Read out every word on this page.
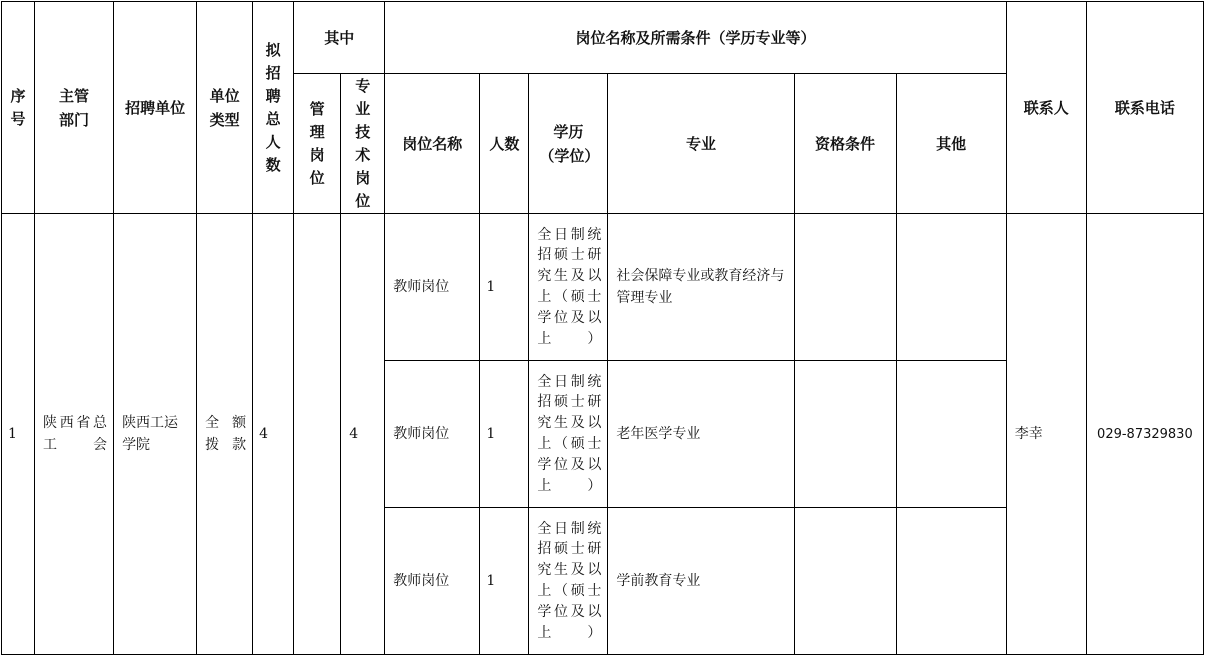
序号	主管部门	招聘单位	单位类型	拟招聘总人数	其中		岗位名称及所需条件（学历专业等）						联系人	联系电话

					管理岗位	专业技术岗位	岗位名称	人数	学历（学位）	专业	资格条件	其他		
1	陕西省总工会	陕西工运学院	全额拨款	4		4	教师岗位	1	全日制统招硕士研究生及以上（硕士学位及以上）	社会保障专业或教育经济与管理专业			李幸	029-87329830
							教师岗位	1	全日制统招硕士研究生及以上（硕士学位及以上）	老年医学专业				
							教师岗位	1	全日制统招硕士研究生及以上（硕士学位及以上）	学前教育专业				
